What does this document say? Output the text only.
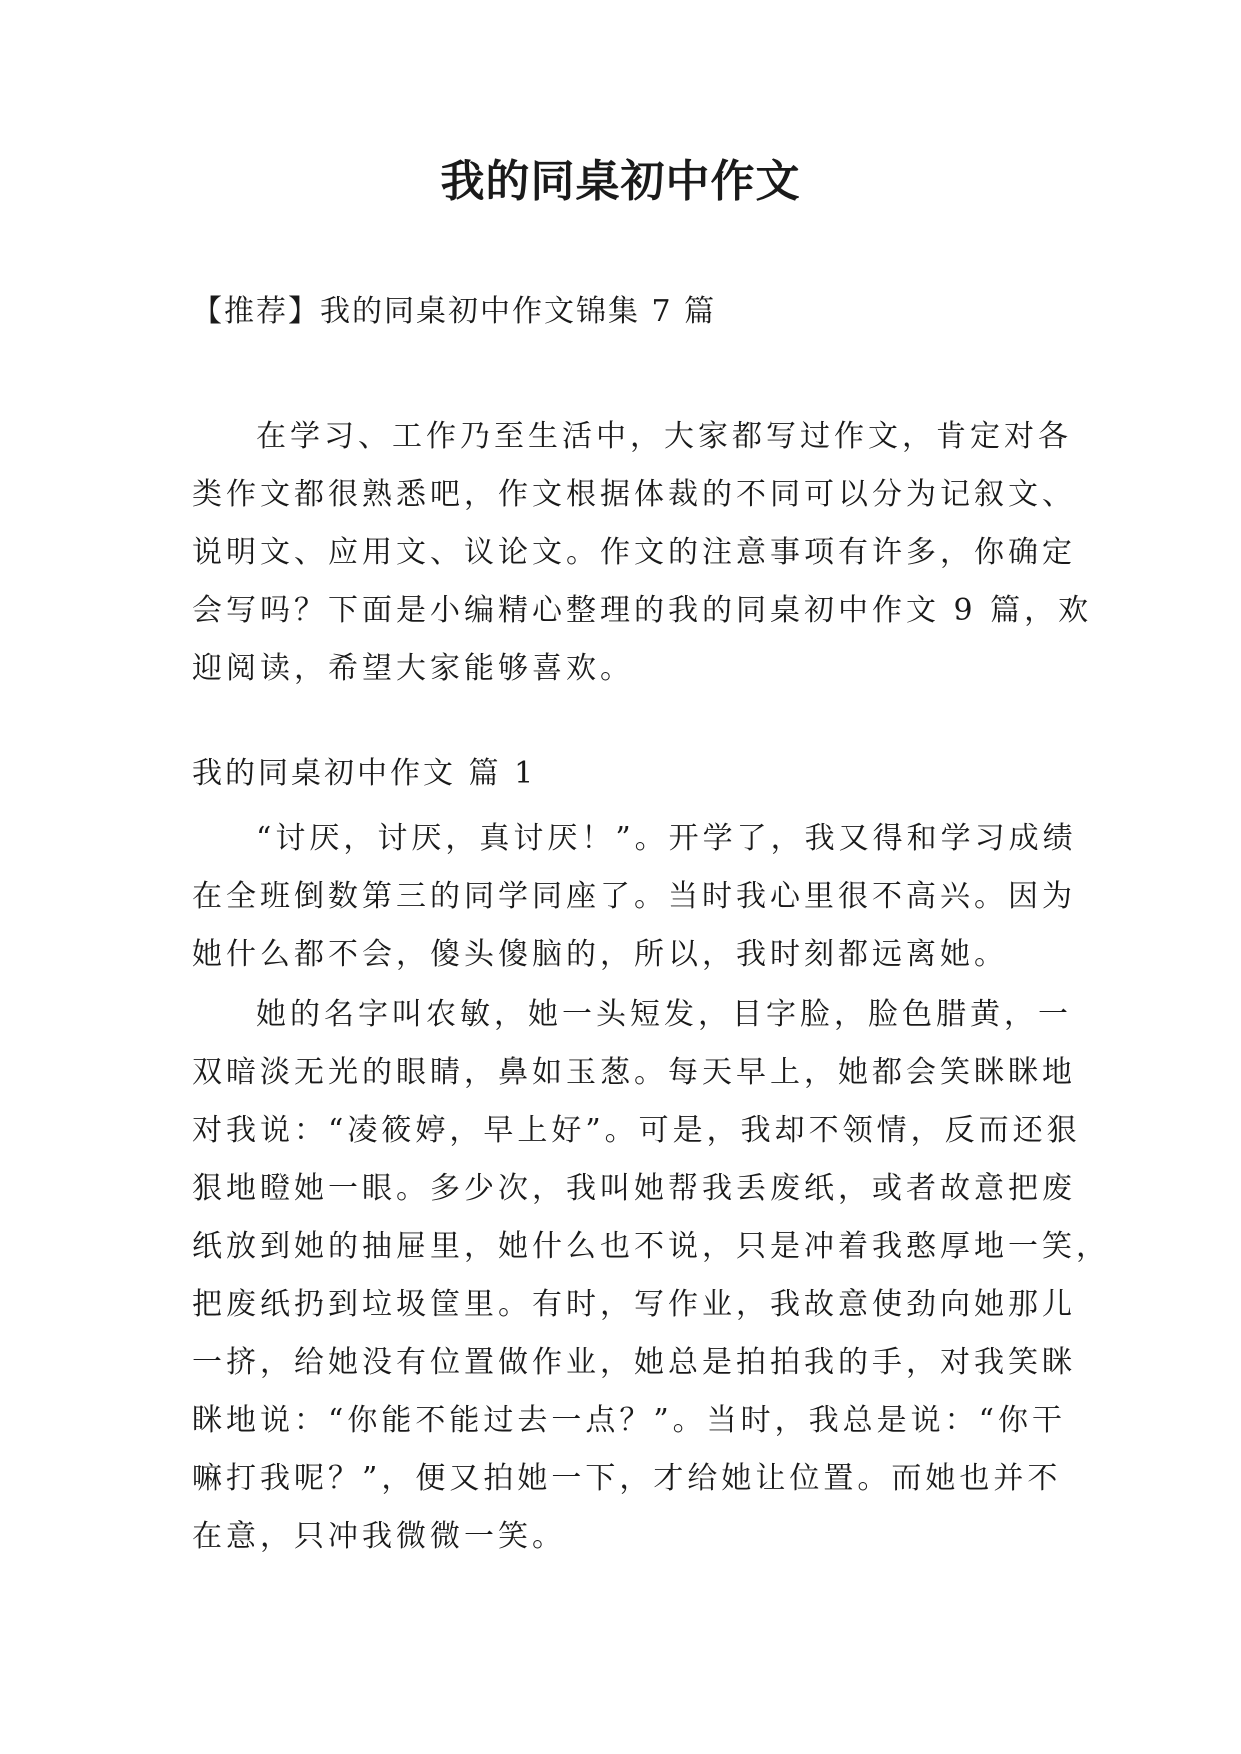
我的同桌初中作文

【推荐】我的同桌初中作文锦集 7 篇

在学习、工作乃至生活中，大家都写过作文，肯定对各

类作文都很熟悉吧，作文根据体裁的不同可以分为记叙文、

说明文、应用文、议论文。作文的注意事项有许多，你确定

会写吗？下面是小编精心整理的我的同桌初中作文 9 篇，欢

迎阅读，希望大家能够喜欢。

我的同桌初中作文 篇 1

“讨厌，讨厌，真讨厌！”。开学了，我又得和学习成绩

在全班倒数第三的同学同座了。当时我心里很不高兴。因为

她什么都不会，傻头傻脑的，所以，我时刻都远离她。

她的名字叫农敏，她一头短发，目字脸，脸色腊黄，一

双暗淡无光的眼睛，鼻如玉葱。每天早上，她都会笑眯眯地

对我说：“凌筱婷，早上好”。可是，我却不领情，反而还狠

狠地瞪她一眼。多少次，我叫她帮我丢废纸，或者故意把废

纸放到她的抽屉里，她什么也不说，只是冲着我憨厚地一笑，

把废纸扔到垃圾筐里。有时，写作业，我故意使劲向她那儿

一挤，给她没有位置做作业，她总是拍拍我的手，对我笑眯

眯地说：“你能不能过去一点？”。当时，我总是说：“你干

嘛打我呢？”，便又拍她一下，才给她让位置。而她也并不

在意，只冲我微微一笑。
